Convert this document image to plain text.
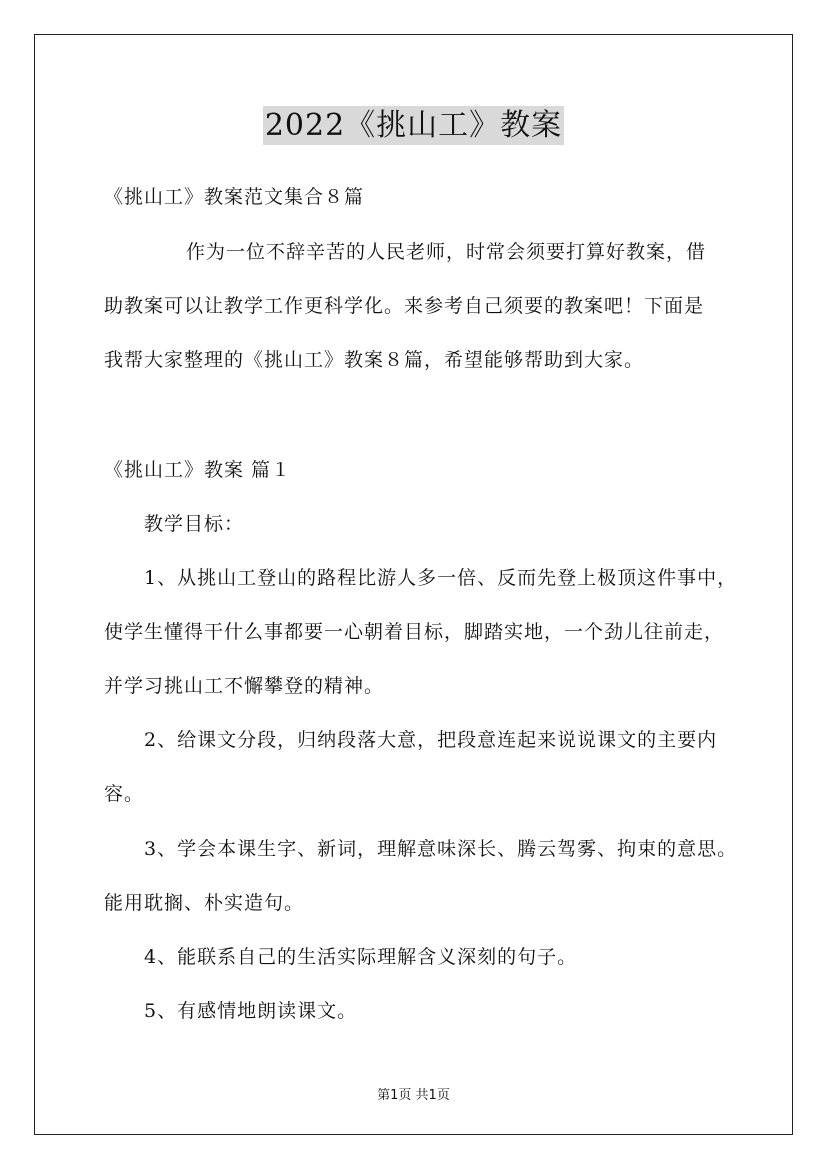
2022《挑山工》教案
《挑山工》教案范文集合８篇
作为一位不辞辛苦的人民老师，时常会须要打算好教案，借
助教案可以让教学工作更科学化。来参考自己须要的教案吧！下面是
我帮大家整理的《挑山工》教案８篇，希望能够帮助到大家。
《挑山工》教案 篇１
教学目标：
1、从挑山工登山的路程比游人多一倍、反而先登上极顶这件事中，
使学生懂得干什么事都要一心朝着目标，脚踏实地，一个劲儿往前走，
并学习挑山工不懈攀登的精神。
2、给课文分段，归纳段落大意，把段意连起来说说课文的主要内
容。
3、学会本课生字、新词，理解意味深长、腾云驾雾、拘束的意思。
能用耽搁、朴实造句。
4、能联系自己的生活实际理解含义深刻的句子。
5、有感情地朗读课文。
第1页 共1页
